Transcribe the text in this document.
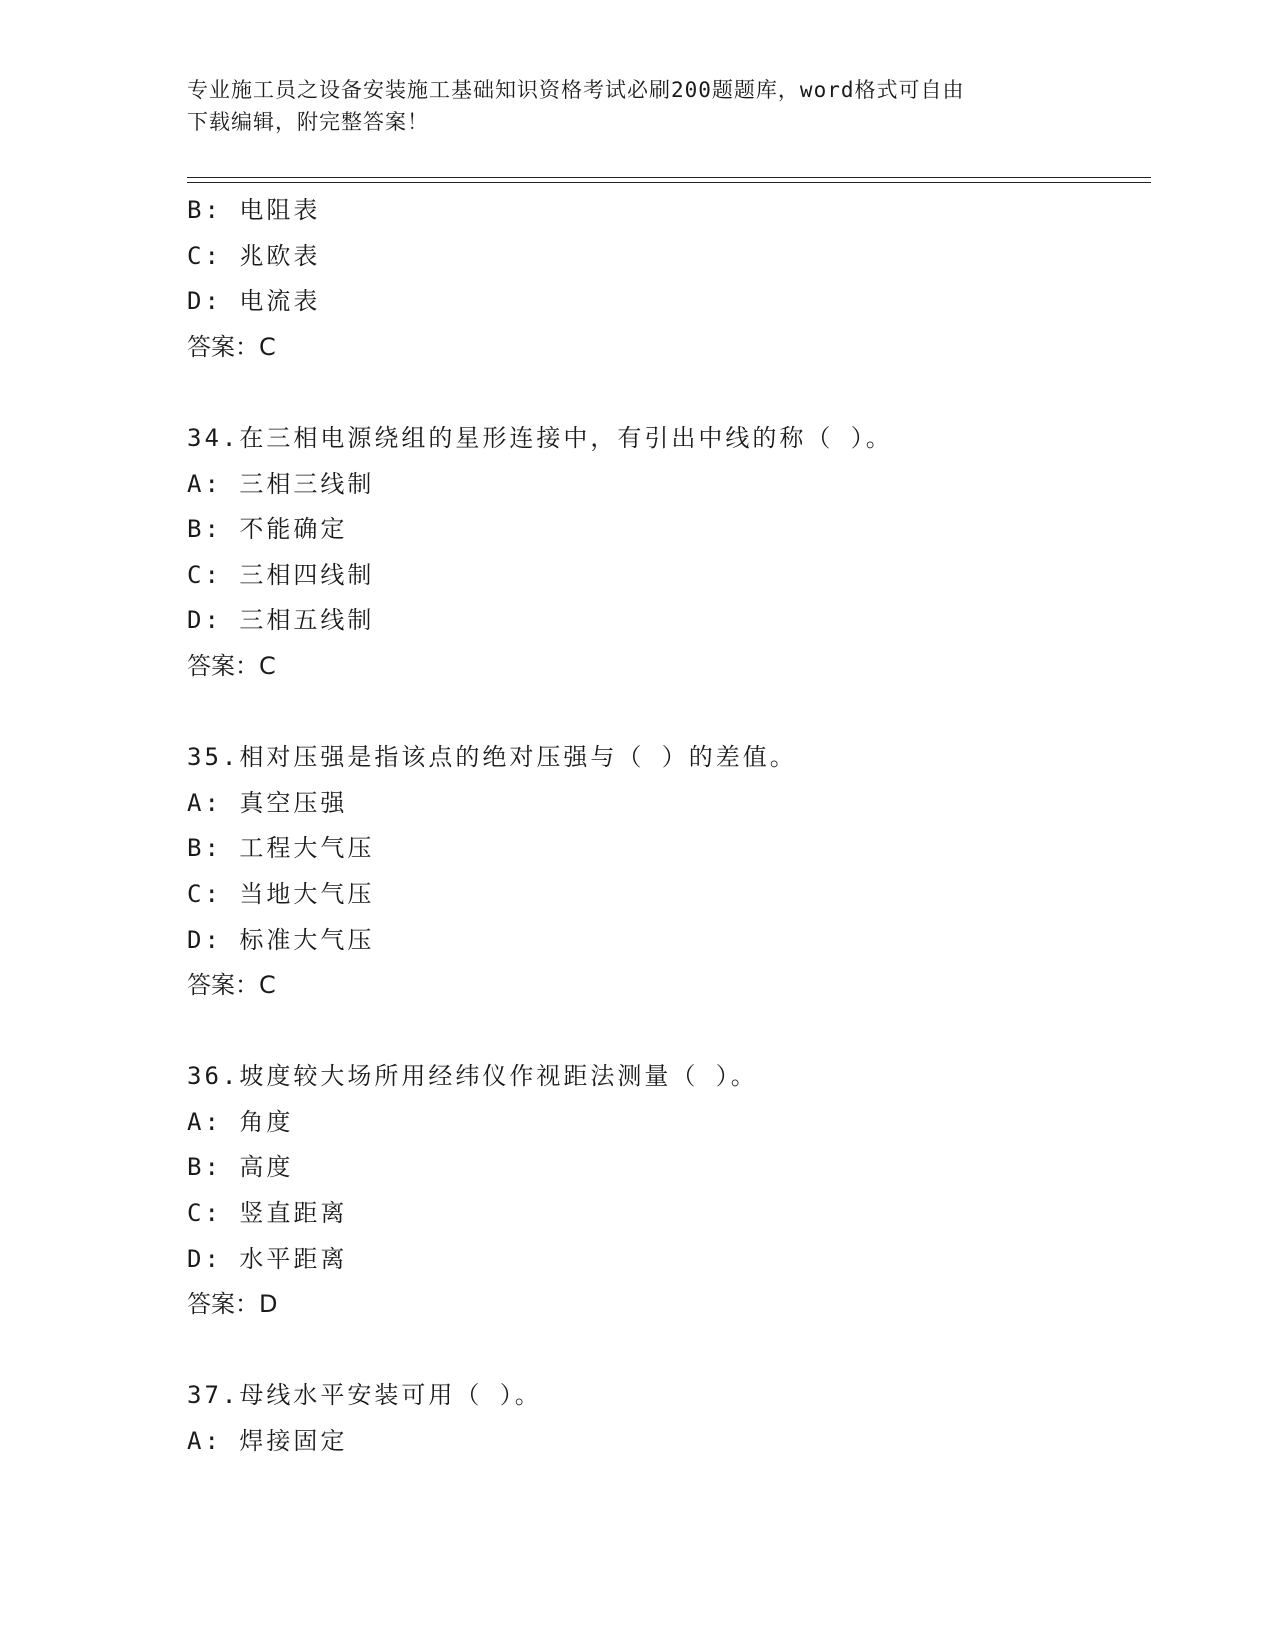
专业施工员之设备安装施工基础知识资格考试必刷200题题库，word格式可自由
下载编辑，附完整答案！
B: 电阻表
C: 兆欧表
D: 电流表
答案：C
34.在三相电源绕组的星形连接中，有引出中线的称（ ）。
A: 三相三线制
B: 不能确定
C: 三相四线制
D: 三相五线制
答案：C
35.相对压强是指该点的绝对压强与（ ）的差值。
A: 真空压强
B: 工程大气压
C: 当地大气压
D: 标准大气压
答案：C
36.坡度较大场所用经纬仪作视距法测量（ ）。
A: 角度
B: 高度
C: 竖直距离
D: 水平距离
答案：D
37.母线水平安装可用（ ）。
A: 焊接固定
